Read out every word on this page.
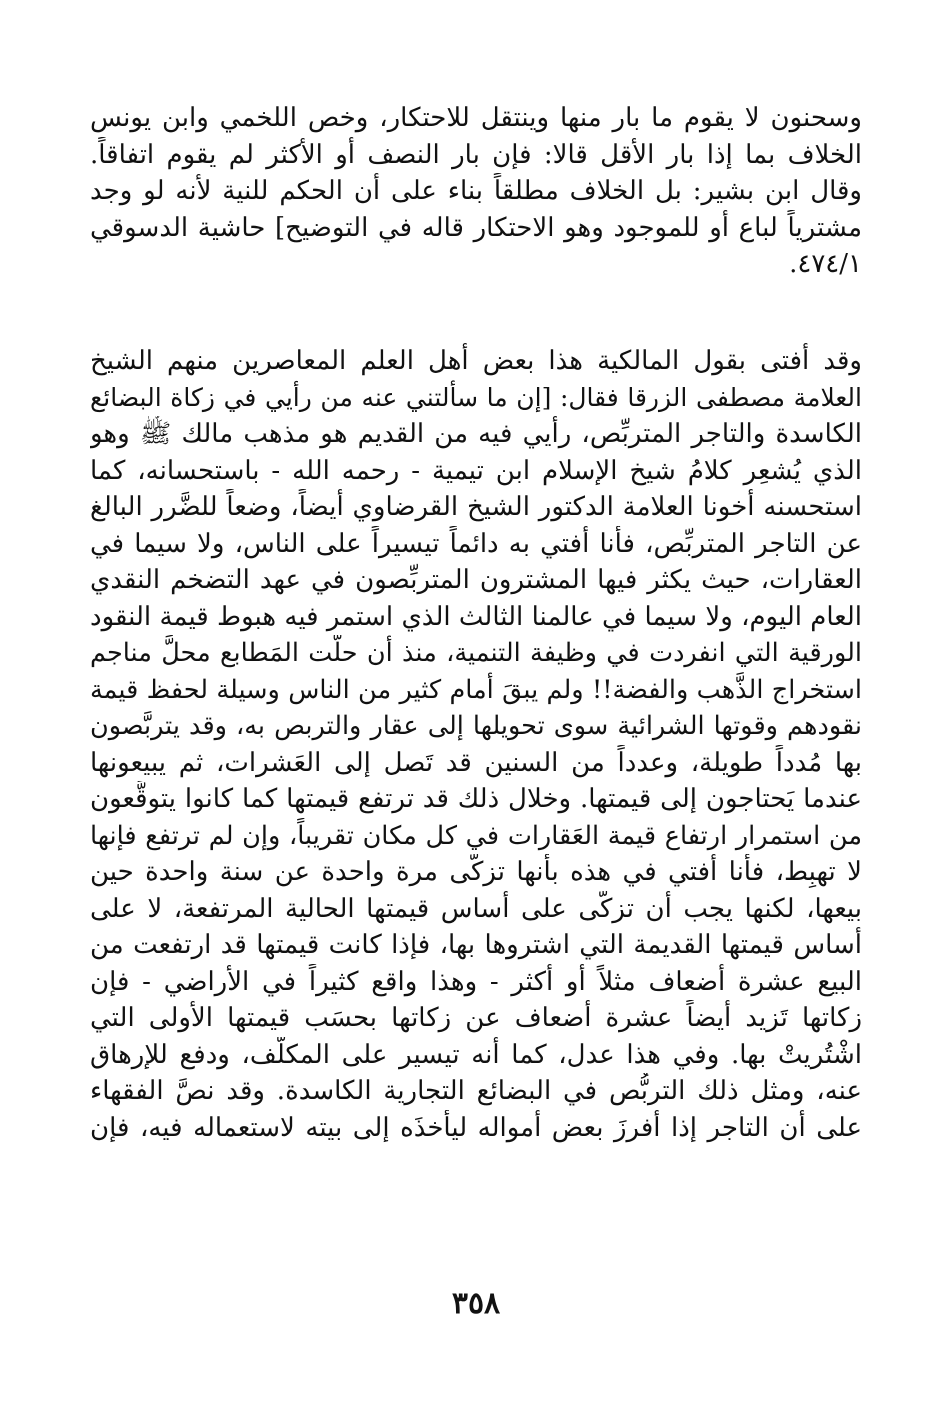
وسحنون لا يقوم ما بار منها وينتقل للاحتكار، وخص اللخمي وابن يونس
الخلاف بما إذا بار الأقل قالا: فإن بار النصف أو الأكثر لم يقوم اتفاقاً.
وقال ابن بشير: بل الخلاف مطلقاً بناء على أن الحكم للنية لأنه لو وجد
مشترياً لباع أو للموجود وهو الاحتكار قاله في التوضيح] حاشية الدسوقي
٤٧٤/١.
وقد أفتى بقول المالكية هذا بعض أهل العلم المعاصرين منهم الشيخ
العلامة مصطفى الزرقا فقال: [إن ما سألتني عنه من رأيي في زكاة البضائع
الكاسدة والتاجر المتربِّص، رأيي فيه من القديم هو مذهب مالك ﷺ وهو
الذي يُشعِر كلامُ شيخ الإسلام ابن تيمية - رحمه الله - باستحسانه، كما
استحسنه أخونا العلامة الدكتور الشيخ القرضاوي أيضاً، وضعاً للضَّرر البالغ
عن التاجر المتربِّص، فأنا أُفتي به دائماً تيسيراً على الناس، ولا سيما في
العقارات، حيث يكثر فيها المشترون المتربِّصون في عهد التضخم النقدي
العام اليوم، ولا سيما في عالمنا الثالث الذي استمر فيه هبوط قيمة النقود
الورقية التي انفردت في وظيفة التنمية، منذ أن حلَّت المَطابع محلَّ مناجم
استخراج الذَّهب والفضة!! ولم يبقَ أمام كثير من الناس وسيلة لحفظ قيمة
نقودهم وقوتها الشرائية سوى تحويلها إلى عقار والتربص به، وقد يتربَّصون
بها مُدداً طويلة، وعدداً من السنين قد تَصل إلى العَشرات، ثم يبيعونها
عندما يَحتاجون إلى قيمتها. وخلال ذلك قد ترتفع قيمتها كما كانوا يتوقَّعون
من استمرار ارتفاع قيمة العَقارات في كل مكان تقريباً، وإن لم ترتفع فإنها
لا تهبِط، فأنا أفتي في هذه بأنها تزكّى مرة واحدة عن سنة واحدة حين
بيعها، لكنها يجب أن تزكّى على أساس قيمتها الحالية المرتفعة، لا على
أساس قيمتها القديمة التي اشتروها بها، فإذا كانت قيمتها قد ارتفعت من
البيع عشرة أضعاف مثلاً أو أكثر - وهذا واقع كثيراً في الأراضي - فإن
زكاتها تَزيد أيضاً عشرة أضعاف عن زكاتها بحسَب قيمتها الأولى التي
اشْتُريتْ بها. وفي هذا عدل، كما أنه تيسير على المكلَّف، ودفع للإرهاق
عنه، ومثل ذلك التربُّص في البضائع التجارية الكاسدة. وقد نصَّ الفقهاء
على أن التاجر إذا أفرزَ بعض أمواله ليأخذَه إلى بيته لاستعماله فيه، فإن
٣٥٨
